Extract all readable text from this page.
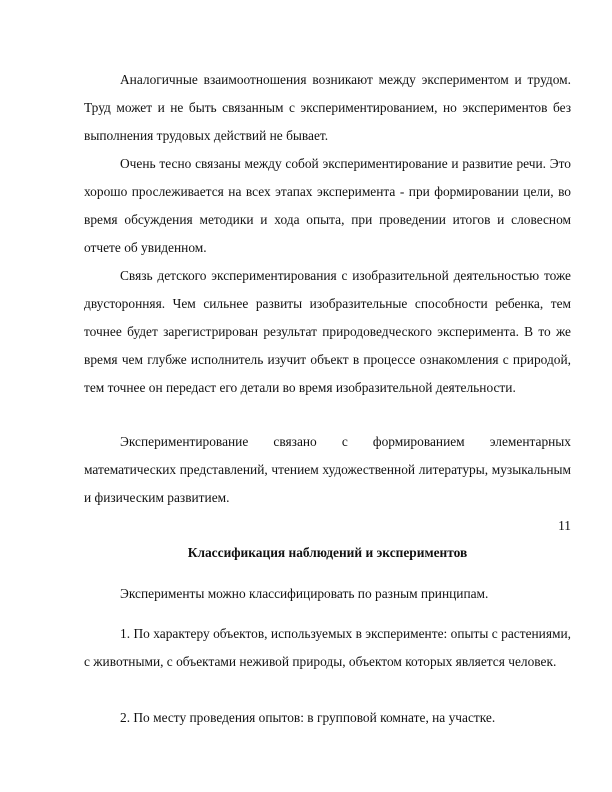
Аналогичные взаимоотношения возникают между экспериментом и трудом. Труд может и не быть связанным с экспериментированием, но экспериментов без выполнения трудовых действий не бывает.

Очень тесно связаны между собой экспериментирование и развитие речи. Это хорошо прослеживается на всех этапах эксперимента - при формировании цели, во время обсуждения методики и хода опыта, при проведении итогов и словесном отчете об увиденном.

Связь детского экспериментирования с изобразительной деятельностью тоже двусторонняя. Чем сильнее развиты изобразительные способности ребенка, тем точнее будет зарегистрирован результат природоведческого эксперимента. В то же время чем глубже исполнитель изучит объект в процессе ознакомления с природой, тем точнее он передаст его детали во время изобразительной деятельности.

Экспериментирование связано с формированием элементарных математических представлений, чтением художественной литературы, музыкальным и физическим развитием.

11

Классификация наблюдений и экспериментов

Эксперименты можно классифицировать по разным принципам.

1. По характеру объектов, используемых в эксперименте: опыты с растениями, с животными, с объектами неживой природы, объектом которых является человек.

2. По месту проведения опытов: в групповой комнате, на участке.
